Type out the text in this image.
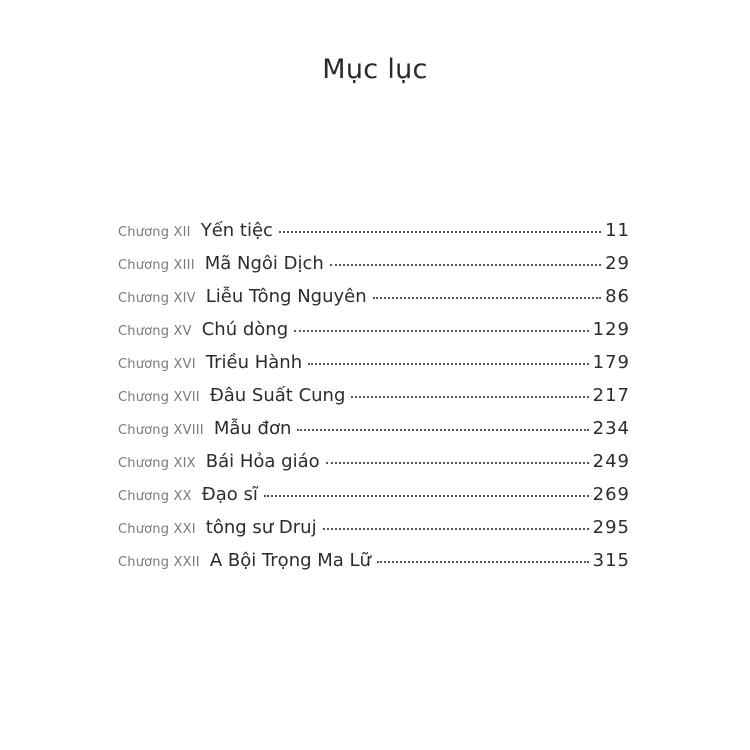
Mục lục
Chương XII Yến tiệc	11
Chương XIII Mã Ngôi Dịch	29
Chương XIV Liễu Tông Nguyên	86
Chương XV Chú dòng	129
Chương XVI Triều Hành	179
Chương XVII Đâu Suất Cung	217
Chương XVIII Mẫu đơn	234
Chương XIX Bái Hỏa giáo	249
Chương XX Đạo sĩ	269
Chương XXI tông sư Druj	295
Chương XXII A Bội Trọng Ma Lữ	315
